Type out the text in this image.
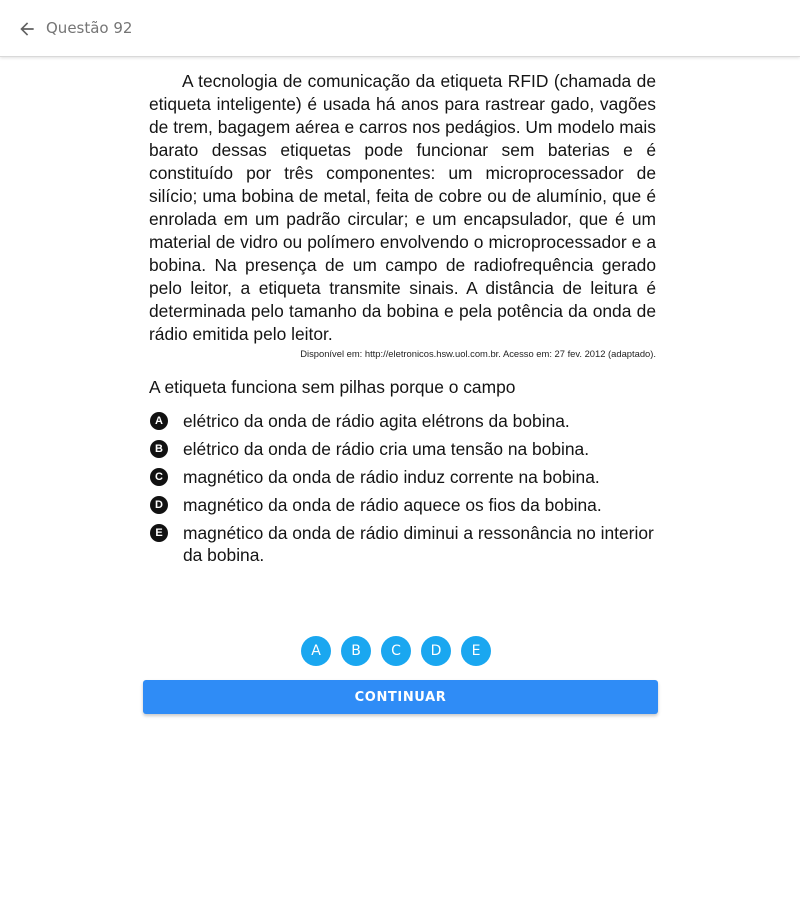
Questão 92

A tecnologia de comunicação da etiqueta RFID (chamada de etiqueta inteligente) é usada há anos para rastrear gado, vagões de trem, bagagem aérea e carros nos pedágios. Um modelo mais barato dessas etiquetas pode funcionar sem baterias e é constituído por três componentes: um microprocessador de silício; uma bobina de metal, feita de cobre ou de alumínio, que é enrolada em um padrão circular; e um encapsulador, que é um material de vidro ou polímero envolvendo o microprocessador e a bobina. Na presença de um campo de radiofrequência gerado pelo leitor, a etiqueta transmite sinais. A distância de leitura é determinada pelo tamanho da bobina e pela potência da onda de rádio emitida pelo leitor.

Disponível em: http://eletronicos.hsw.uol.com.br. Acesso em: 27 fev. 2012 (adaptado).

A etiqueta funciona sem pilhas porque o campo

A elétrico da onda de rádio agita elétrons da bobina.
B elétrico da onda de rádio cria uma tensão na bobina.
C magnético da onda de rádio induz corrente na bobina.
D magnético da onda de rádio aquece os fios da bobina.
E	magnético da onda de rádio diminui a ressonância no interior da bobina.
A	B	C	D	E
CONTINUAR
